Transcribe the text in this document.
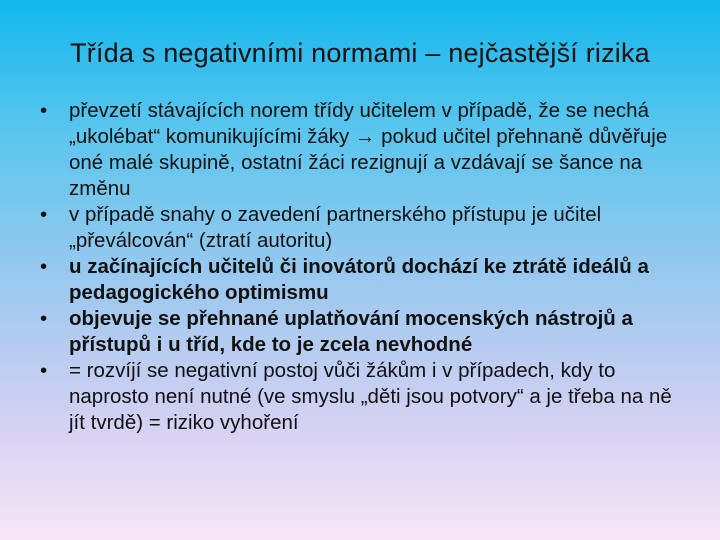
Třída s negativními normami – nejčastější rizika
•	převzetí stávajících norem třídy učitelem v případě, že se nechá „ukolébat“ komunikujícími žáky → pokud učitel přehnaně důvěřuje oné malé skupině, ostatní žáci rezignují a vzdávají se šance na změnu
•	v případě snahy o zavedení partnerského přístupu je učitel „převálcován“ (ztratí autoritu)
•	u začínajících učitelů či inovátorů dochází ke ztrátě ideálů a pedagogického optimismu
•	objevuje se přehnané uplatňování mocenských nástrojů a přístupů i u tříd, kde to je zcela nevhodné
•	= rozvíjí se negativní postoj vůči žákům i v případech, kdy to naprosto není nutné (ve smyslu „děti jsou potvory“ a je třeba na ně jít tvrdě) = riziko vyhoření
